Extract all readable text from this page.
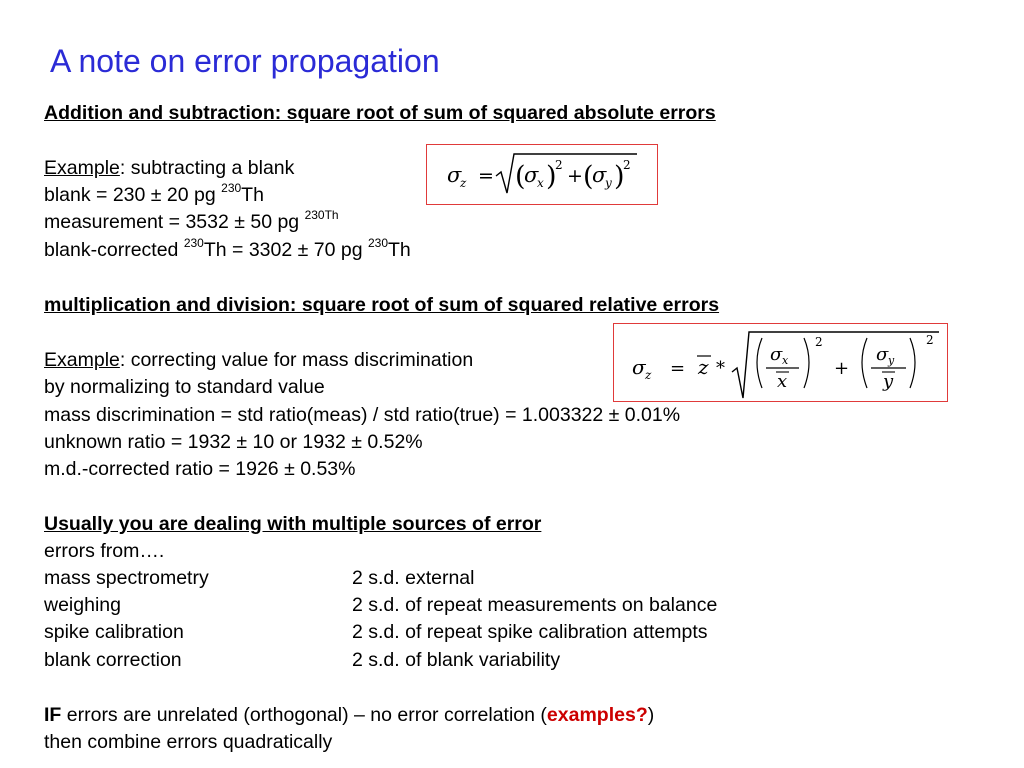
A note on error propagation
Addition and subtraction: square root of sum of squared absolute errors
Example: subtracting a blank
blank = 230 ± 20 pg $^{230}$Th
measurement = 3532 ± 50 pg $^{230Th}$
blank-corrected $^{230}$Th = 3302 ± 70 pg $^{230}$Th
σ
z = (
σ
x )
2 + (
σ
y )
2
multiplication and division: square root of sum of squared relative errors
Example: correcting value for mass discrimination
by normalizing to standard value
mass discrimination = std ratio(meas) / std ratio(true) = 1.003322 ± 0.01%
unknown ratio = 1932 ± 10 or 1932 ± 0.52%
m.d.-corrected ratio = 1926 ± 0.53%
σ z = z *
σ x
x
2
+
σ y
y
2
Usually you are dealing with multiple sources of error
errors from….
mass spectrometry	2 s.d. external
weighing	2 s.d. of repeat measurements on balance
spike calibration	2 s.d. of repeat spike calibration attempts
blank correction	2 s.d. of blank variability
IF errors are unrelated (orthogonal) – no error correlation (examples?)
then combine errors quadratically
